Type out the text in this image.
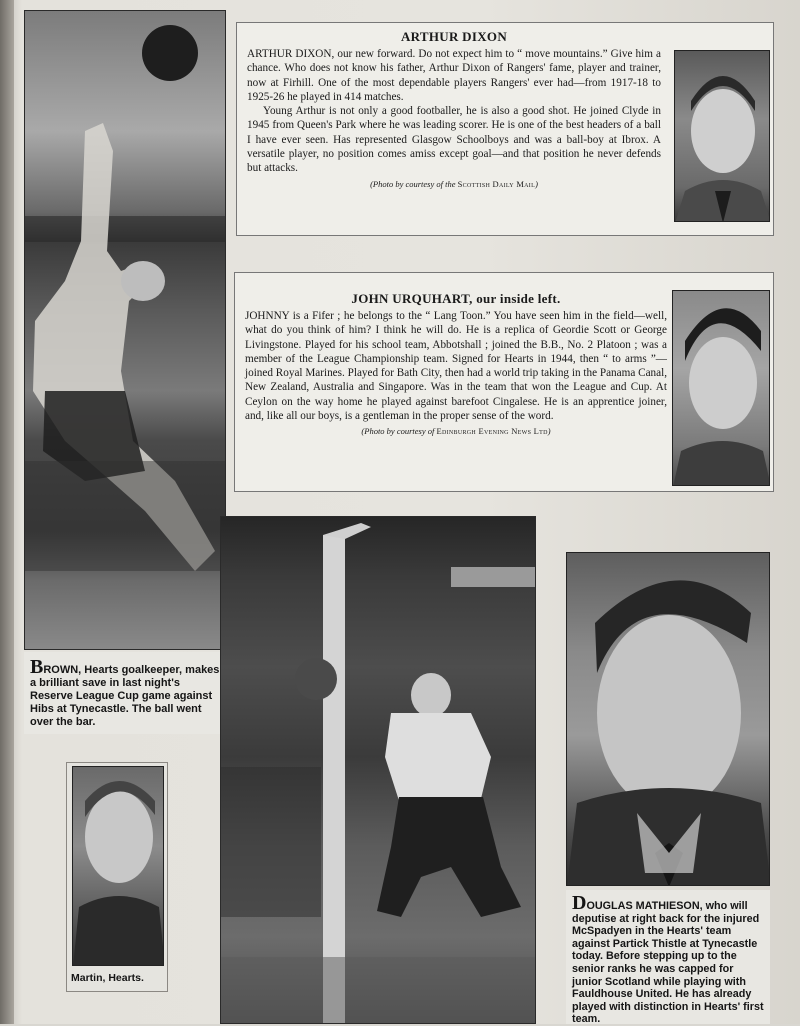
BROWN, Hearts goalkeeper, makes a brilliant save in last night's Reserve League Cup game against Hibs at Tynecastle. The ball went over the bar.
ARTHUR DIXON

ARTHUR DIXON, our new forward. Do not expect him to “ move mountains.” Give him a chance. Who does not know his father, Arthur Dixon of Rangers' fame, player and trainer, now at Firhill. One of the most dependable players Rangers' ever had—from 1917-18 to 1925-26 he played in 414 matches.

Young Arthur is not only a good footballer, he is also a good shot. He joined Clyde in 1945 from Queen's Park where he was leading scorer. He is one of the best headers of a ball I have ever seen. Has represented Glasgow Schoolboys and was a ball-boy at Ibrox. A versatile player, no position comes amiss except goal—and that position he never defends but attacks.

(Photo by courtesy of the Scottish Daily Mail)
JOHN URQUHART, our inside left.

JOHNNY is a Fifer ; he belongs to the “ Lang Toon.” You have seen him in the field—well, what do you think of him? I think he will do. He is a replica of Geordie Scott or George Livingstone. Played for his school team, Abbotshall ; joined the B.B., No. 2 Platoon ; was a member of the League Championship team. Signed for Hearts in 1944, then “ to arms ”—joined Royal Marines. Played for Bath City, then had a world trip taking in the Panama Canal, New Zealand, Australia and Singapore. Was in the team that won the League and Cup. At Ceylon on the way home he played against barefoot Cingalese. He is an apprentice joiner, and, like all our boys, is a gentleman in the proper sense of the word.

(Photo by courtesy of Edinburgh Evening News Ltd)
Martin, Hearts.
DOUGLAS MATHIESON, who will deputise at right back for the injured McSpadyen in the Hearts' team against Partick Thistle at Tynecastle today. Before stepping up to the senior ranks he was capped for junior Scotland while playing with Fauldhouse United. He has already played with distinction in Hearts' first team.
